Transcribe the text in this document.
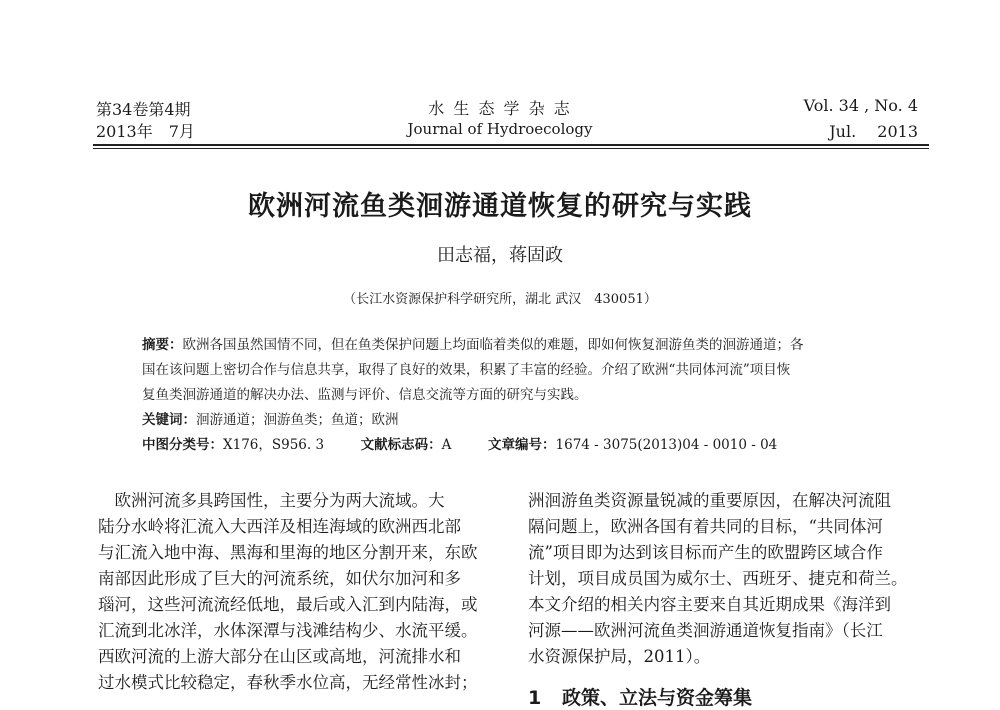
第34卷第4期
2013年　7月
水 生 态 学 杂 志
Journal of Hydroecology
Vol. 34 , No. 4
Jul.　 2013
欧洲河流鱼类洄游通道恢复的研究与实践
田志福，蒋固政
（长江水资源保护科学研究所，湖北 武汉　430051）
摘要：欧洲各国虽然国情不同，但在鱼类保护问题上均面临着类似的难题，即如何恢复洄游鱼类的洄游通道；各
国在该问题上密切合作与信息共享，取得了良好的效果，积累了丰富的经验。介绍了欧洲“共同体河流”项目恢
复鱼类洄游通道的解决办法、监测与评价、信息交流等方面的研究与实践。
关键词：洄游通道；洄游鱼类；鱼道；欧洲
中图分类号：X176，S956. 3	文献标志码：A	文章编号：1674 - 3075(2013)04 - 0010 - 04
　欧洲河流多具跨国性，主要分为两大流域。大
陆分水岭将汇流入大西洋及相连海域的欧洲西北部
与汇流入地中海、黑海和里海的地区分割开来，东欧
南部因此形成了巨大的河流系统，如伏尔加河和多
瑙河，这些河流流经低地，最后或入汇到内陆海，或
汇流到北冰洋，水体深潭与浅滩结构少、水流平缓。
西欧河流的上游大部分在山区或高地，河流排水和
过水模式比较稳定，春秋季水位高，无经常性冰封；
洲洄游鱼类资源量锐减的重要原因，在解决河流阻
隔问题上，欧洲各国有着共同的目标，“共同体河
流”项目即为达到该目标而产生的欧盟跨区域合作
计划，项目成员国为威尔士、西班牙、捷克和荷兰。
本文介绍的相关内容主要来自其近期成果《海洋到
河源——欧洲河流鱼类洄游通道恢复指南》（长江
水资源保护局，2011）。
1 政策、立法与资金筹集
